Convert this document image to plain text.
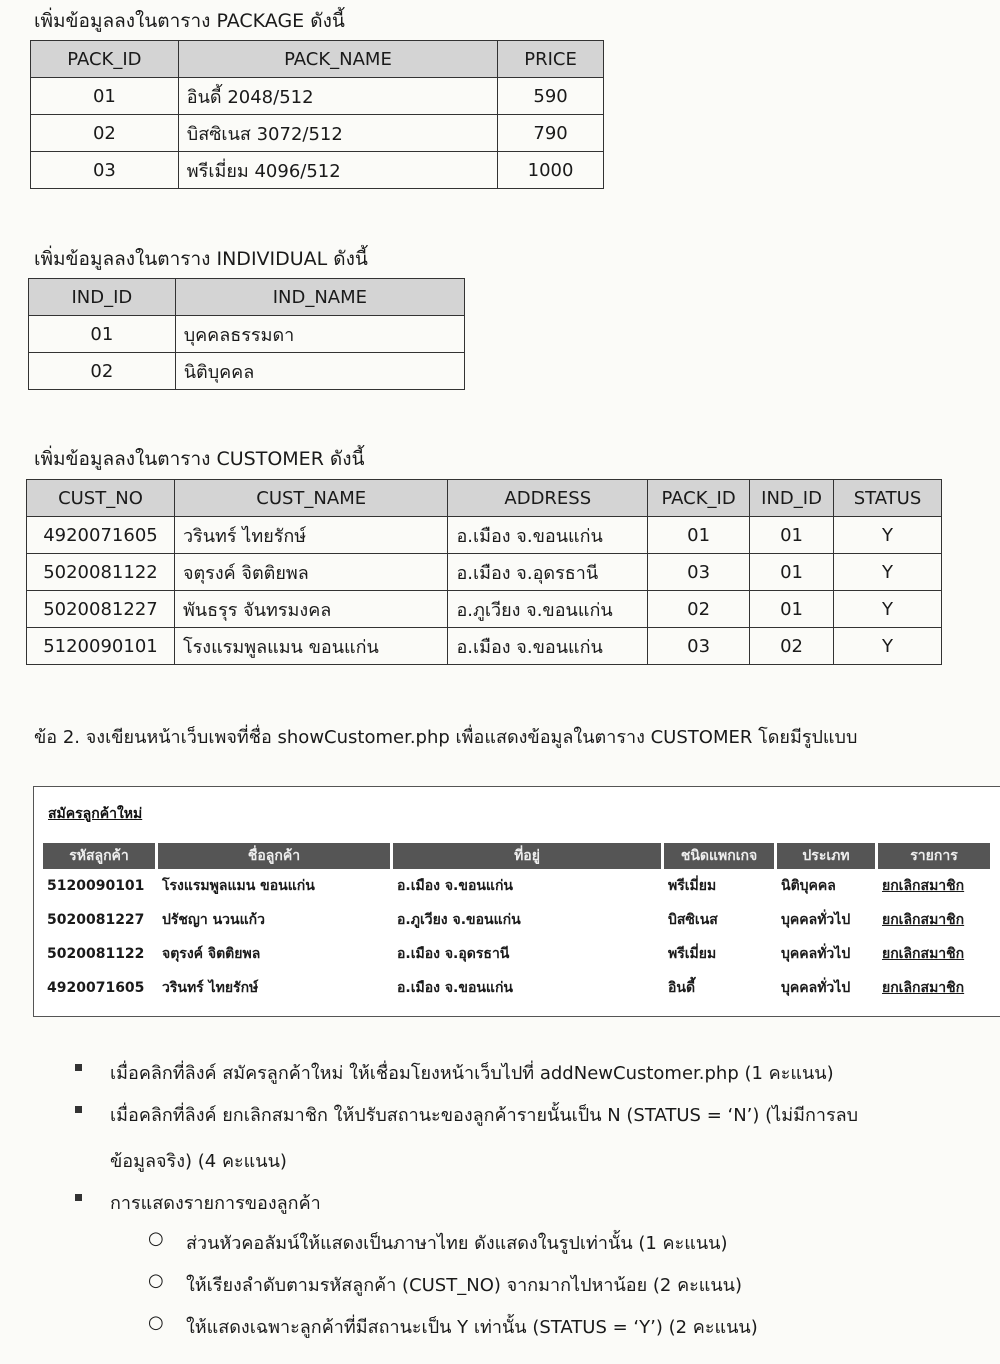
เพิ่มข้อมูลลงในตาราง PACKAGE ดังนี้
PACK_ID	PACK_NAME	PRICE
01	อินดี้ 2048/512	590
02	บิสซิเนส 3072/512	790
03	พรีเมี่ยม 4096/512	1000
เพิ่มข้อมูลลงในตาราง INDIVIDUAL ดังนี้
IND_ID	IND_NAME
01	บุคคลธรรมดา
02	นิติบุคคล
เพิ่มข้อมูลลงในตาราง CUSTOMER ดังนี้
CUST_NO	CUST_NAME	ADDRESS	PACK_ID	IND_ID	STATUS
4920071605	วรินทร์ ไทยรักษ์	อ.เมือง จ.ขอนแก่น	01	01	Y
5020081122	จตุรงค์ จิตติยพล	อ.เมือง จ.อุดรธานี	03	01	Y
5020081227	พันธรุร จันทรมงคล	อ.ภูเวียง จ.ขอนแก่น	02	01	Y
5120090101	โรงแรมพูลแมน ขอนแก่น	อ.เมือง จ.ขอนแก่น	03	02	Y
ข้อ 2. จงเขียนหน้าเว็บเพจที่ชื่อ showCustomer.php เพื่อแสดงข้อมูลในตาราง CUSTOMER โดยมีรูปแบบ
สมัครลูกค้าใหม่
รหัสลูกค้า	ชื่อลูกค้า	ที่อยู่	ชนิดแพกเกจ	ประเภท	รายการ
5120090101	โรงแรมพูลแมน ขอนแก่น	อ.เมือง จ.ขอนแก่น	พรีเมี่ยม	นิติบุคคล	ยกเลิกสมาชิก
5020081227	ปรัชญา นวนแก้ว	อ.ภูเวียง จ.ขอนแก่น	บิสซิเนส	บุคคลทั่วไป	ยกเลิกสมาชิก
5020081122	จตุรงค์ จิตติยพล	อ.เมือง จ.อุดรธานี	พรีเมี่ยม	บุคคลทั่วไป	ยกเลิกสมาชิก
4920071605	วรินทร์ ไทยรักษ์	อ.เมือง จ.ขอนแก่น	อินดี้	บุคคลทั่วไป	ยกเลิกสมาชิก
เมื่อคลิกที่ลิงค์ สมัครลูกค้าใหม่ ให้เชื่อมโยงหน้าเว็บไปที่ addNewCustomer.php (1 คะแนน)
เมื่อคลิกที่ลิงค์ ยกเลิกสมาชิก ให้ปรับสถานะของลูกค้ารายนั้นเป็น N (STATUS = ‘N’) (ไม่มีการลบ
ข้อมูลจริง) (4 คะแนน)
การแสดงรายการของลูกค้า
○ ส่วนหัวคอลัมน์ให้แสดงเป็นภาษาไทย ดังแสดงในรูปเท่านั้น (1 คะแนน)
○ ให้เรียงลำดับตามรหัสลูกค้า (CUST_NO) จากมากไปหาน้อย (2 คะแนน)
○ ให้แสดงเฉพาะลูกค้าที่มีสถานะเป็น Y เท่านั้น (STATUS = ‘Y’) (2 คะแนน)
